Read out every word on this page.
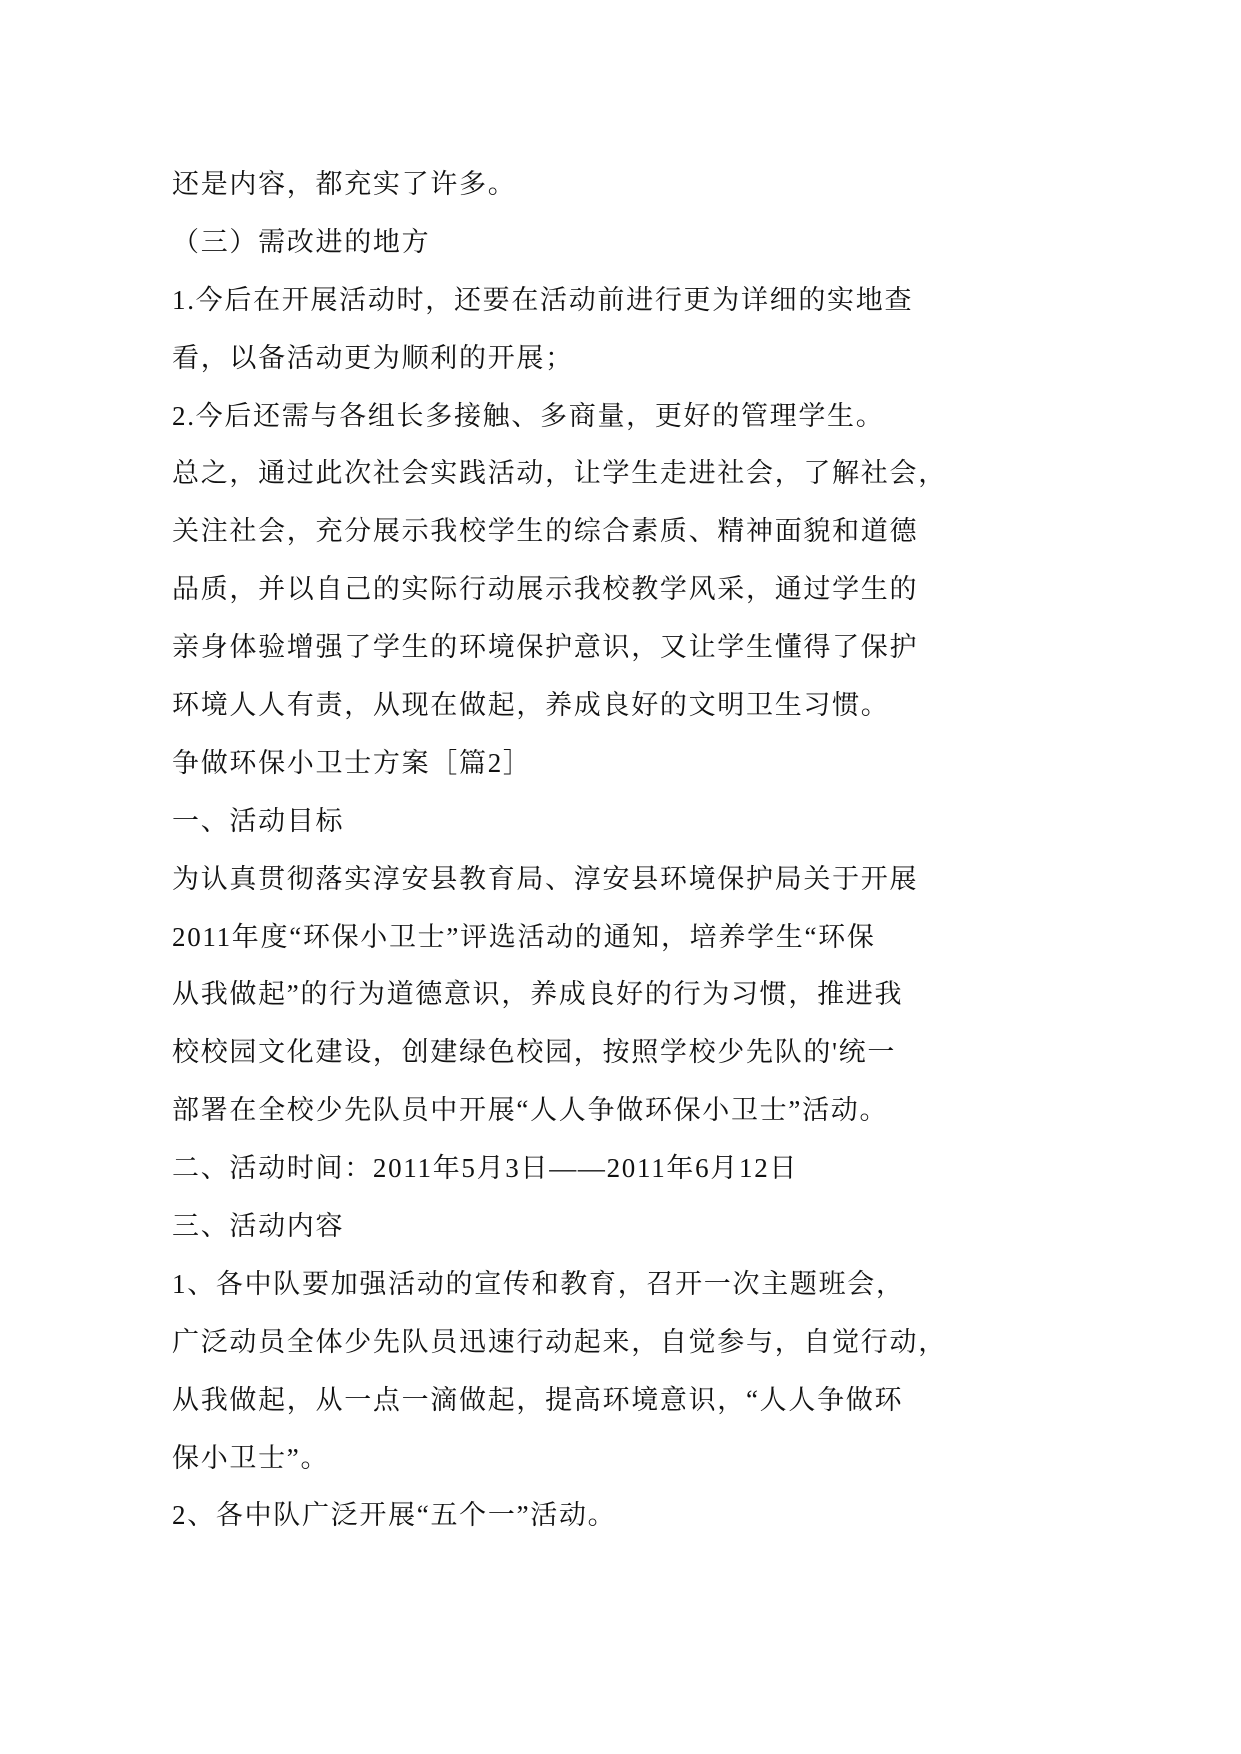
还是内容，都充实了许多。
（三）需改进的地方
1.今后在开展活动时，还要在活动前进行更为详细的实地查
看，以备活动更为顺利的开展；
2.今后还需与各组长多接触、多商量，更好的管理学生。
总之，通过此次社会实践活动，让学生走进社会，了解社会，
关注社会，充分展示我校学生的综合素质、精神面貌和道德
品质，并以自己的实际行动展示我校教学风采，通过学生的
亲身体验增强了学生的环境保护意识，又让学生懂得了保护
环境人人有责，从现在做起，养成良好的文明卫生习惯。
争做环保小卫士方案［篇2］
一、活动目标
为认真贯彻落实淳安县教育局、淳安县环境保护局关于开展
2011年度“环保小卫士”评选活动的通知，培养学生“环保
从我做起”的行为道德意识，养成良好的行为习惯，推进我
校校园文化建设，创建绿色校园，按照学校少先队的'统一
部署在全校少先队员中开展“人人争做环保小卫士”活动。
二、活动时间：2011年5月3日——2011年6月12日
三、活动内容
1、各中队要加强活动的宣传和教育，召开一次主题班会，
广泛动员全体少先队员迅速行动起来，自觉参与，自觉行动，
从我做起，从一点一滴做起，提高环境意识，“人人争做环
保小卫士”。
2、各中队广泛开展“五个一”活动。
